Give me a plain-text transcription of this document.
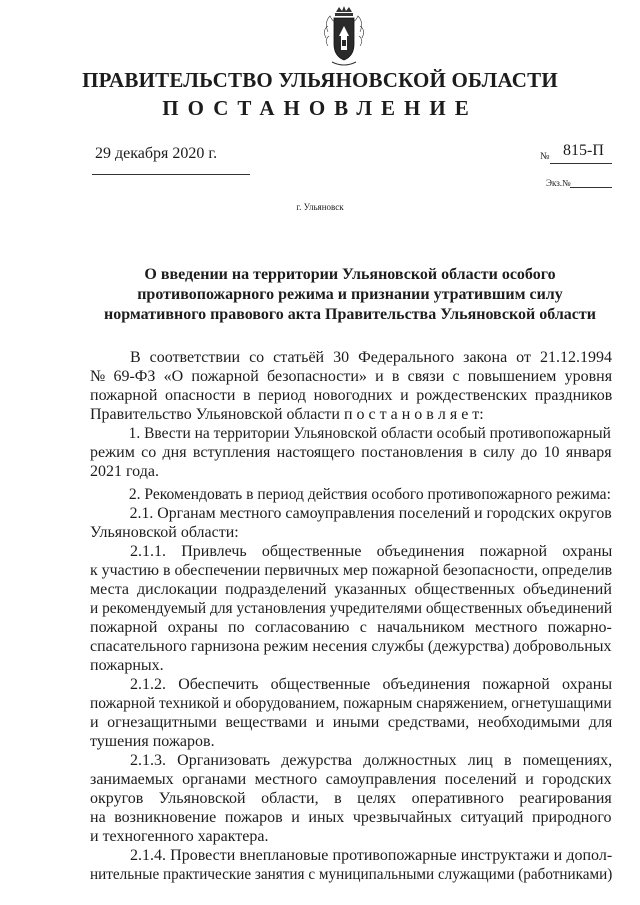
ПРАВИТЕЛЬСТВО УЛЬЯНОВСКОЙ ОБЛАСТИ
ПОСТАНОВЛЕНИЕ
29 декабря 2020 г.	№ 815-П
Экз.№
г. Ульяновск
О введении на территории Ульяновской области особого
противопожарного режима и признании утратившим силу
нормативного правового акта Правительства Ульяновской области
В соответствии со статьёй 30 Федерального закона от 21.12.1994
№ 69-ФЗ «О пожарной безопасности» и в связи с повышением уровня
пожарной опасности в период новогодних и рождественских праздников
Правительство Ульяновской области п о с т а н о в л я е т:
1. Ввести на территории Ульяновской области особый противопожарный
режим со дня вступления настоящего постановления в силу до 10 января
2021 года.
2. Рекомендовать в период действия особого противопожарного режима:
2.1. Органам местного самоуправления поселений и городских округов
Ульяновской области:
2.1.1. Привлечь общественные объединения пожарной охраны
к участию в обеспечении первичных мер пожарной безопасности, определив
места дислокации подразделений указанных общественных объединений
и рекомендуемый для установления учредителями общественных объединений
пожарной охраны по согласованию с начальником местного пожарно-
спасательного гарнизона режим несения службы (дежурства) добровольных
пожарных.
2.1.2. Обеспечить общественные объединения пожарной охраны
пожарной техникой и оборудованием, пожарным снаряжением, огнетушащими
и огнезащитными веществами и иными средствами, необходимыми для
тушения пожаров.
2.1.3. Организовать дежурства должностных лиц в помещениях,
занимаемых органами местного самоуправления поселений и городских
округов Ульяновской области, в целях оперативного реагирования
на возникновение пожаров и иных чрезвычайных ситуаций природного
и техногенного характера.
2.1.4. Провести внеплановые противопожарные инструктажи и допол-
нительные практические занятия с муниципальными служащими (работниками)
